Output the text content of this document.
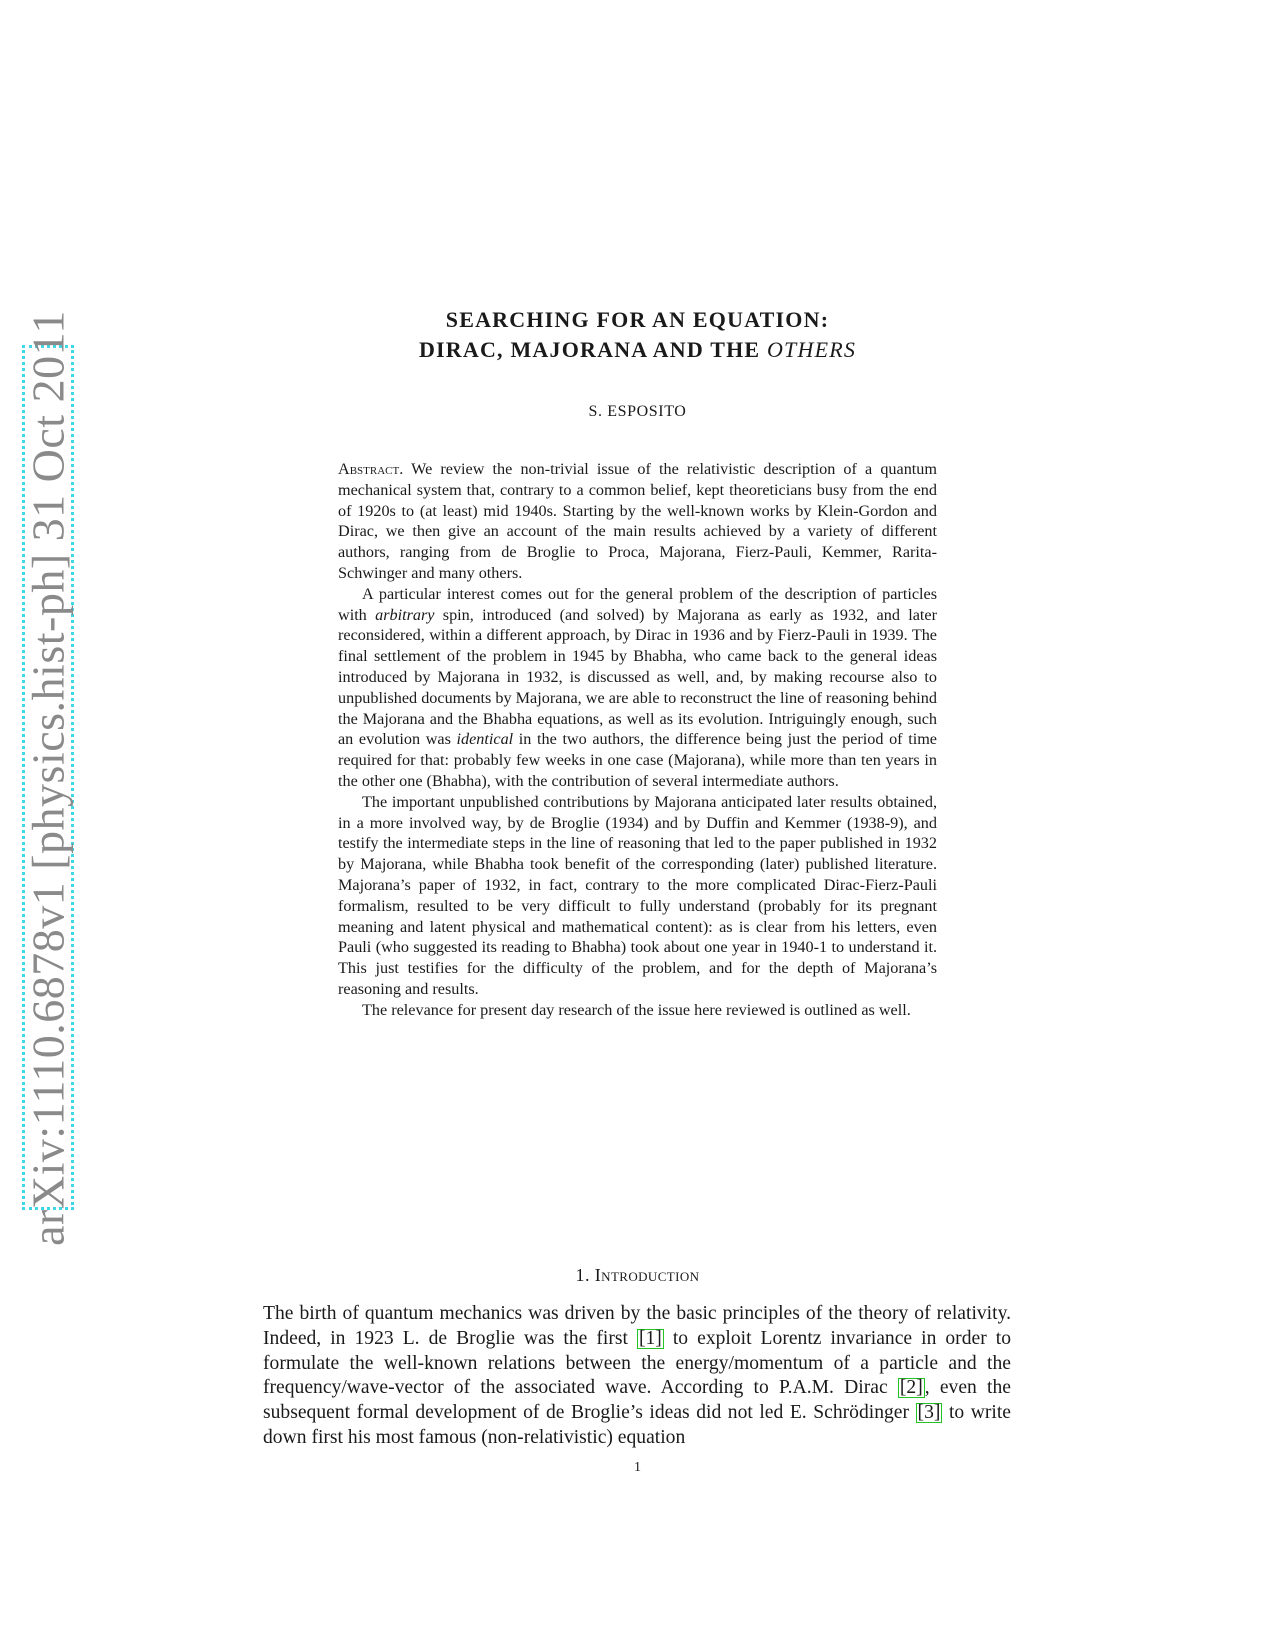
arXiv:1110.6878v1 [physics.hist-ph] 31 Oct 2011	SEARCHING FOR AN EQUATION:
DIRAC, MAJORANA AND THE OTHERS
S. ESPOSITO

Abstract. We review the non-trivial issue of the relativistic description of a quantum mechanical system that, contrary to a common belief, kept theoreticians busy from the end of 1920s to (at least) mid 1940s. Starting by the well-known works by Klein-Gordon and Dirac, we then give an account of the main results achieved by a variety of different authors, ranging from de Broglie to Proca, Majorana, Fierz-Pauli, Kemmer, Rarita-Schwinger and many others.

A particular interest comes out for the general problem of the description of particles with arbitrary spin, introduced (and solved) by Majorana as early as 1932, and later reconsidered, within a different approach, by Dirac in 1936 and by Fierz-Pauli in 1939. The final settlement of the problem in 1945 by Bhabha, who came back to the general ideas introduced by Majorana in 1932, is discussed as well, and, by making recourse also to unpublished documents by Majorana, we are able to reconstruct the line of reasoning behind the Majorana and the Bhabha equations, as well as its evolution. Intriguingly enough, such an evolution was identical in the two authors, the difference being just the period of time required for that: probably few weeks in one case (Majorana), while more than ten years in the other one (Bhabha), with the contribution of several intermediate authors.

The important unpublished contributions by Majorana anticipated later results obtained, in a more involved way, by de Broglie (1934) and by Duffin and Kemmer (1938-9), and testify the intermediate steps in the line of reasoning that led to the paper published in 1932 by Majorana, while Bhabha took benefit of the corresponding (later) published literature. Majorana’s paper of 1932, in fact, contrary to the more complicated Dirac-Fierz-Pauli formalism, resulted to be very difficult to fully understand (probably for its pregnant meaning and latent physical and mathematical content): as is clear from his letters, even Pauli (who suggested its reading to Bhabha) took about one year in 1940-1 to understand it. This just testifies for the difficulty of the problem, and for the depth of Majorana’s reasoning and results.

The relevance for present day research of the issue here reviewed is outlined as well.

1. Introduction

The birth of quantum mechanics was driven by the basic principles of the theory of relativity. Indeed, in 1923 L. de Broglie was the first [1] to exploit Lorentz invariance in order to formulate the well-known relations between the energy/momentum of a particle and the frequency/wave-vector of the associated wave. According to P.A.M. Dirac [2] , even the subsequent formal development of de Broglie’s ideas did not led E. Schrödinger [3] to write down first his most famous (non-relativistic) equation

1
